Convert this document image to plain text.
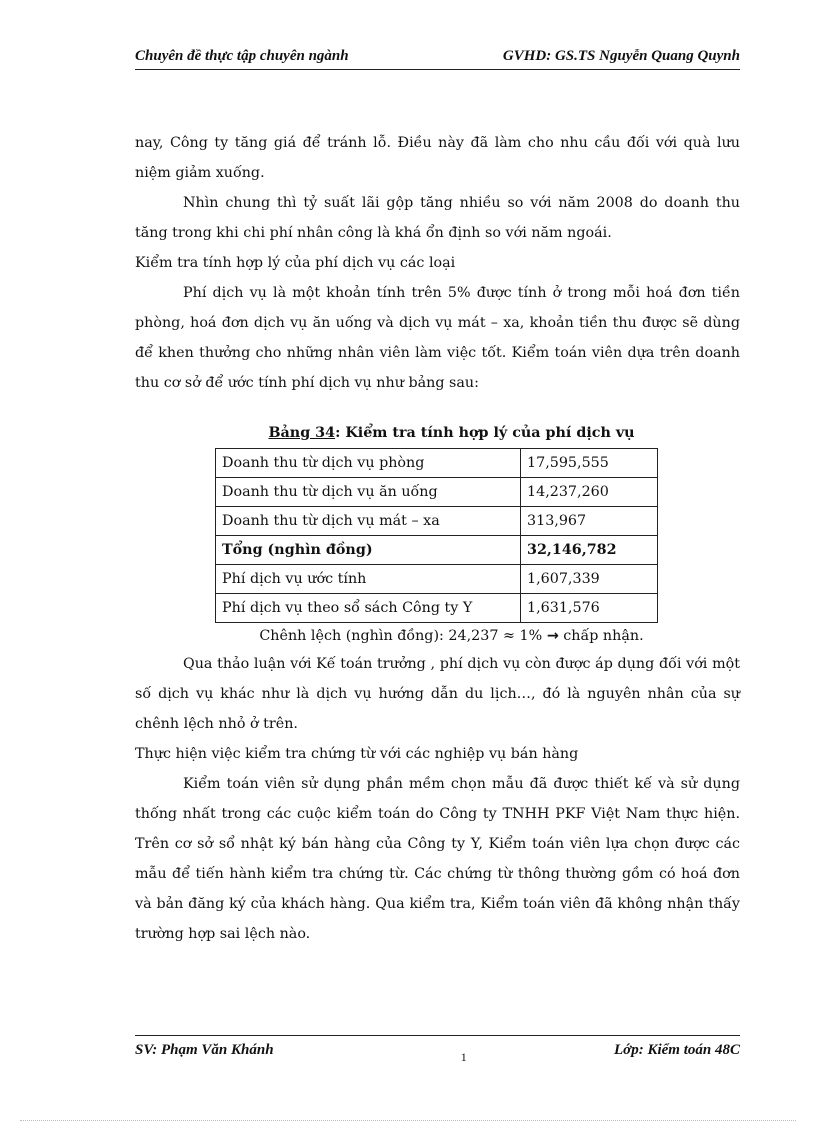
Chuyên đề thực tập chuyên ngành	GVHD: GS.TS Nguyễn Quang Quynh

nay, Công ty tăng giá để tránh lỗ. Điều này đã làm cho nhu cầu đối với quà lưu niệm giảm xuống.

Nhìn chung thì tỷ suất lãi gộp tăng nhiều so với năm 2008 do doanh thu tăng trong khi chi phí nhân công là khá ổn định so với năm ngoái.

Kiểm tra tính hợp lý của phí dịch vụ các loại

Phí dịch vụ là một khoản tính trên 5% được tính ở trong mỗi hoá đơn tiền phòng, hoá đơn dịch vụ ăn uống và dịch vụ mát – xa, khoản tiền thu được sẽ dùng để khen thưởng cho những nhân viên làm việc tốt. Kiểm toán viên dựa trên doanh thu cơ sở để ước tính phí dịch vụ như bảng sau:

Bảng 34: Kiểm tra tính hợp lý của phí dịch vụ
Doanh thu từ dịch vụ phòng	17,595,555
Doanh thu từ dịch vụ ăn uống	14,237,260
Doanh thu từ dịch vụ mát – xa	313,967
Tổng (nghìn đồng)	32,146,782
Phí dịch vụ ước tính	1,607,339
Phí dịch vụ theo sổ sách Công ty Y	1,631,576
Chênh lệch (nghìn đồng): 24,237 ≈ 1% → chấp nhận.

Qua thảo luận với Kế toán trưởng , phí dịch vụ còn được áp dụng đối với một số dịch vụ khác như là dịch vụ hướng dẫn du lịch…, đó là nguyên nhân của sự chênh lệch nhỏ ở trên.

Thực hiện việc kiểm tra chứng từ với các nghiệp vụ bán hàng

Kiểm toán viên sử dụng phần mềm chọn mẫu đã được thiết kế và sử dụng thống nhất trong các cuộc kiểm toán do Công ty TNHH PKF Việt Nam thực hiện. Trên cơ sở sổ nhật ký bán hàng của Công ty Y, Kiểm toán viên lựa chọn được các mẫu để tiến hành kiểm tra chứng từ. Các chứng từ thông thường gồm có hoá đơn và bản đăng ký của khách hàng. Qua kiểm tra, Kiểm toán viên đã không nhận thấy trường hợp sai lệch nào.

SV: Phạm Văn Khánh	1	Lớp: Kiểm toán 48C
